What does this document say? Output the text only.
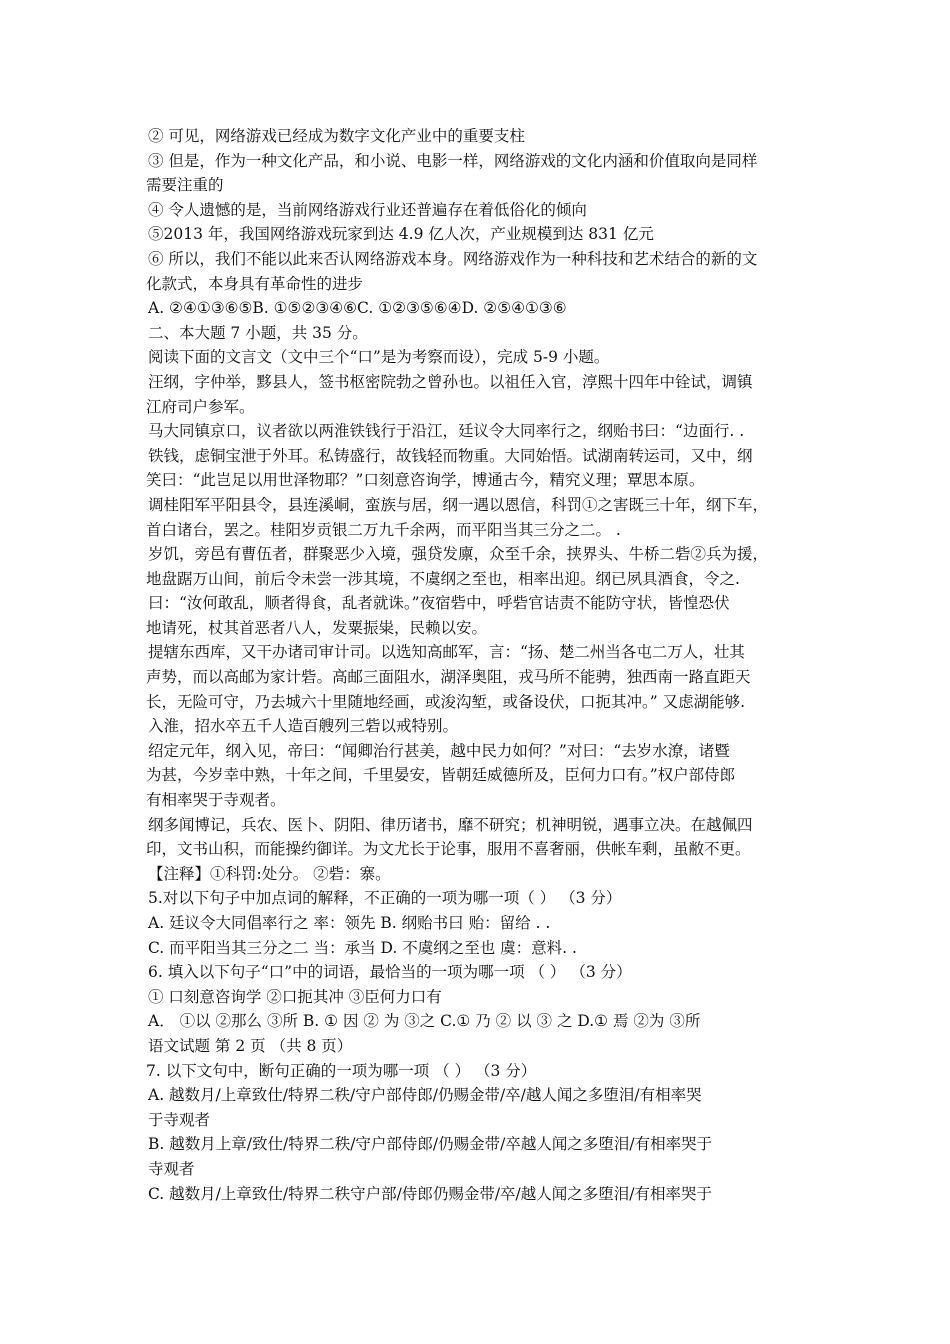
② 可见，网络游戏已经成为数字文化产业中的重要支柱

③ 但是，作为一种文化产品，和小说、电影一样，网络游戏的文化内涵和价值取向是同样

需要注重的

④ 令人遗憾的是，当前网络游戏行业还普遍存在着低俗化的倾向

⑤2013 年，我国网络游戏玩家到达 4.9 亿人次，产业规模到达 831 亿元

⑥ 所以，我们不能以此来否认网络游戏本身。网络游戏作为一种科技和艺术结合的新的文

化款式，本身具有革命性的进步

A. ②④①③⑥⑤B. ①⑤②③④⑥C. ①②③⑤⑥④D. ②⑤④①③⑥

二、本大题 7 小题，共 35 分。

阅读下面的文言文（文中三个“口”是为考察而设），完成 5-9 小题。

汪纲，字仲举，黟县人，签书枢密院勃之曾孙也。以祖任入官，淳熙十四年中铨试，调镇

江府司户参军。

马大同镇京口，议者欲以两淮铁钱行于沿江，廷议令大同率行之，纲贻书曰：“边面行. .

铁钱，虑铜宝泄于外耳。私铸盛行，故钱轻而物重。大同始悟。试湖南转运司，又中，纲

笑曰：“此岂足以用世泽物耶？”口刻意咨询学，博通古今，精究义理；覃思本原。

调桂阳军平阳县令，县连溪峒，蛮族与居，纲一遇以恩信，科罚①之害既三十年，纲下车，

首白诸台，罢之。桂阳岁贡银二万九千余两，而平阳当其三分之二。 .

岁饥，旁邑有曹伍者，群聚恶少入境，强贷发廪，众至千余，挟界头、牛桥二砦②兵为援，

地盘踞万山间，前后令未尝一涉其境，不虞纲之至也，相率出迎。纲已夙具酒食，令之.

曰：“汝何敢乱，顺者得食，乱者就诛。”夜宿砦中，呼砦官诘责不能防守状，皆惶恐伏

地请死，杖其首恶者八人，发粟振粜，民赖以安。

提辖东西库，又干办诸司审计司。以选知高邮军，言：“扬、楚二州当各屯二万人，壮其

声势，而以高邮为家计砦。高邮三面阻水，湖泽奥阻，戎马所不能骋，独西南一路直距天

长，无险可守，乃去城六十里随地经画，或浚沟堑，或备设伏，口扼其冲。” 又虑湖能够.

入淮，招水卒五千人造百艘列三砦以戒特别。

绍定元年，纲入见，帝曰：“闻卿治行甚美，越中民力如何？”对曰：“去岁水潦，诸暨

为甚，今岁幸中熟，十年之间，千里晏安，皆朝廷威德所及，臣何力口有。”权户部侍郎

有相率哭于寺观者。

纲多闻博记，兵农、医卜、阴阳、律历诸书，靡不研究；机神明锐，遇事立决。在越佩四

印，文书山积，而能操约御详。为文尤长于论事，服用不喜奢丽，供帐车剩，虽敝不更。

【注释】①科罚:处分。 ②砦：寨。

5.对以下句子中加点词的解释，不正确的一项为哪一项（ ） （3 分）

A. 廷议令大同倡率行之 率：领先 B. 纲贻书曰 贻：留给 . .

C. 而平阳当其三分之二 当：承当 D. 不虞纲之至也 虞：意料. .

6. 填入以下句子“口”中的词语，最恰当的一项为哪一项 （ ） （3 分）

① 口刻意咨询学 ②口扼其冲 ③臣何力口有

A． ①以 ②那么 ③所 B. ① 因 ② 为 ③之 C.① 乃 ② 以 ③ 之 D.① 焉 ②为 ③所

语文试题 第 2 页 （共 8 页）

7. 以下文句中，断句正确的一项为哪一项 （ ） （3 分）

A. 越数月/上章致仕/特界二秩/守户部侍郎/仍赐金带/卒/越人闻之多堕泪/有相率哭

于寺观者

B. 越数月上章/致仕/特界二秩/守户部侍郎/仍赐金带/卒越人闻之多堕泪/有相率哭于

寺观者

C. 越数月/上章致仕/特界二秩守户部/侍郎仍赐金带/卒/越人闻之多堕泪/有相率哭于
